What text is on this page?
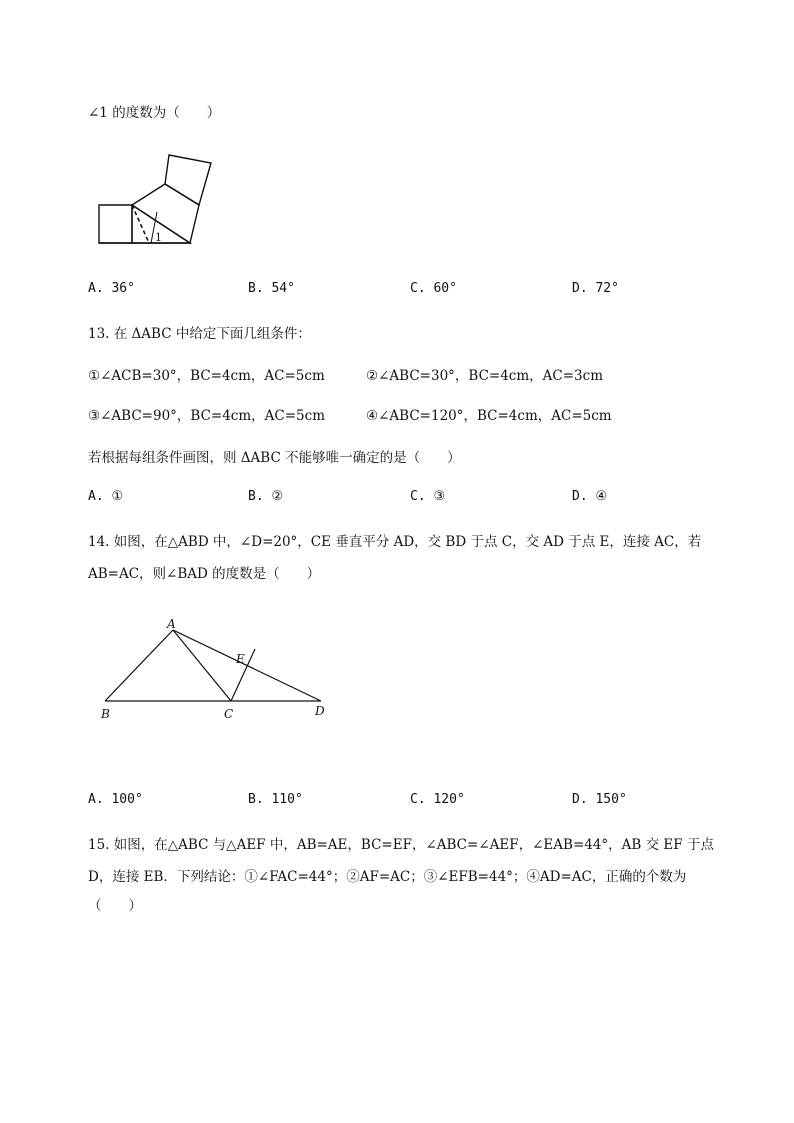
∠1 的度数为（　　）
1
A. 36°	B. 54°	C. 60°	D. 72°
13. 在 ΔABC 中给定下面几组条件：
①∠ACB=30°，BC=4cm，AC=5cm	②∠ABC=30°，BC=4cm，AC=3cm
③∠ABC=90°，BC=4cm，AC=5cm	④∠ABC=120°，BC=4cm，AC=5cm
若根据每组条件画图，则 ΔABC 不能够唯一确定的是（　　）
A. ①	B. ②	C. ③	D. ④
14. 如图，在△ABD 中，∠D=20°，CE 垂直平分 AD，交 BD 于点 C，交 AD 于点 E，连接 AC，若
AB=AC，则∠BAD 的度数是（　　）
A
B	C	D
E
A. 100°	B. 110°	C. 120°	D. 150°
15. 如图，在△ABC 与△AEF 中，AB=AE，BC=EF，∠ABC=∠AEF，∠EAB=44°，AB 交 EF 于点
D，连接 EB．下列结论：①∠FAC=44°；②AF=AC；③∠EFB=44°；④AD=AC，正确的个数为
（　　）
